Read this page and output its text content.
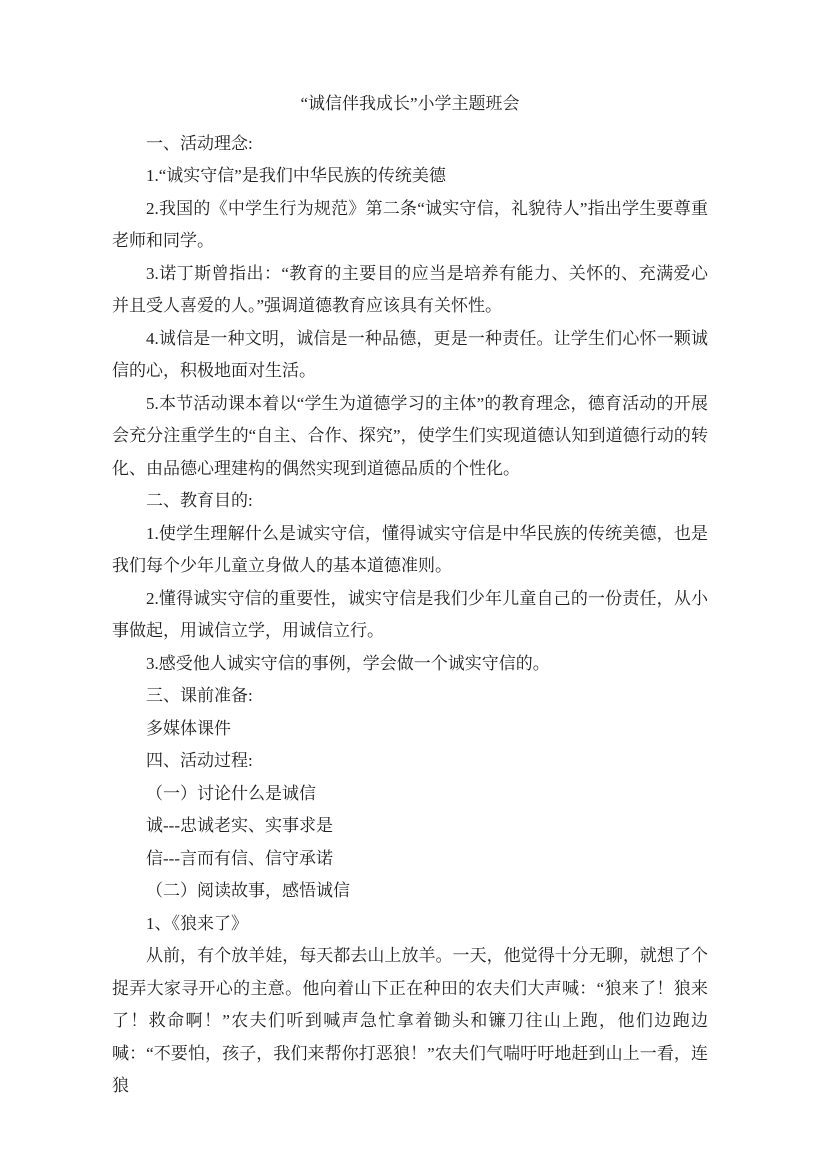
“诚信伴我成长”小学主题班会

一、活动理念:

1.“诚实守信”是我们中华民族的传统美德

2.我国的《中学生行为规范》第二条“诚实守信，礼貌待人”指出学生要尊重老师和同学。

3.诺丁斯曾指出：“教育的主要目的应当是培养有能力、关怀的、充满爱心并且受人喜爱的人。”强调道德教育应该具有关怀性。

4.诚信是一种文明，诚信是一种品德，更是一种责任。让学生们心怀一颗诚信的心，积极地面对生活。

5.本节活动课本着以“学生为道德学习的主体”的教育理念，德育活动的开展会充分注重学生的“自主、合作、探究”，使学生们实现道德认知到道德行动的转化、由品德心理建构的偶然实现到道德品质的个性化。

二、教育目的:

1.使学生理解什么是诚实守信，懂得诚实守信是中华民族的传统美德，也是我们每个少年儿童立身做人的基本道德准则。

2.懂得诚实守信的重要性，诚实守信是我们少年儿童自己的一份责任，从小事做起，用诚信立学，用诚信立行。

3.感受他人诚实守信的事例，学会做一个诚实守信的。

三、课前准备:

多媒体课件

四、活动过程:

（一）讨论什么是诚信

诚---忠诚老实、实事求是

信---言而有信、信守承诺

（二）阅读故事，感悟诚信

1、《狼来了》

从前，有个放羊娃，每天都去山上放羊。一天，他觉得十分无聊，就想了个捉弄大家寻开心的主意。他向着山下正在种田的农夫们大声喊：“狼来了！狼来了！救命啊！”农夫们听到喊声急忙拿着锄头和镰刀往山上跑，他们边跑边喊：“不要怕，孩子，我们来帮你打恶狼！”农夫们气喘吁吁地赶到山上一看，连狼
